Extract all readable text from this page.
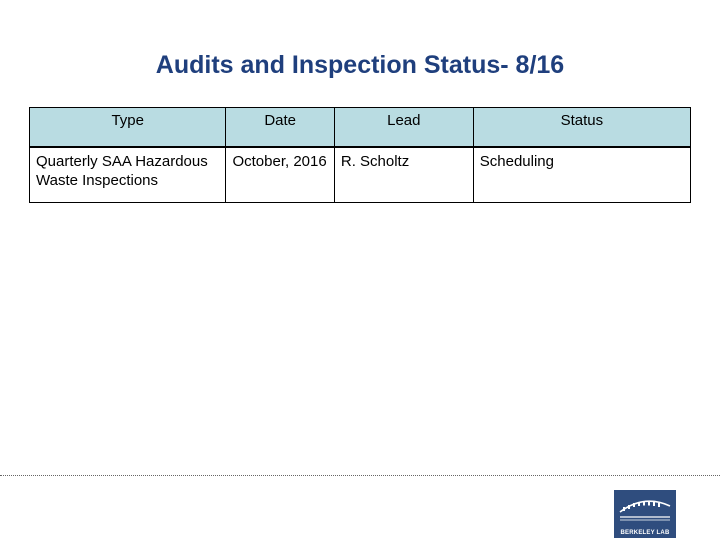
Audits and Inspection Status- 8/16
Type	Date	Lead	Status
Quarterly SAA Hazardous Waste Inspections	October, 2016	R. Scholtz	Scheduling
BERKELEY LAB
